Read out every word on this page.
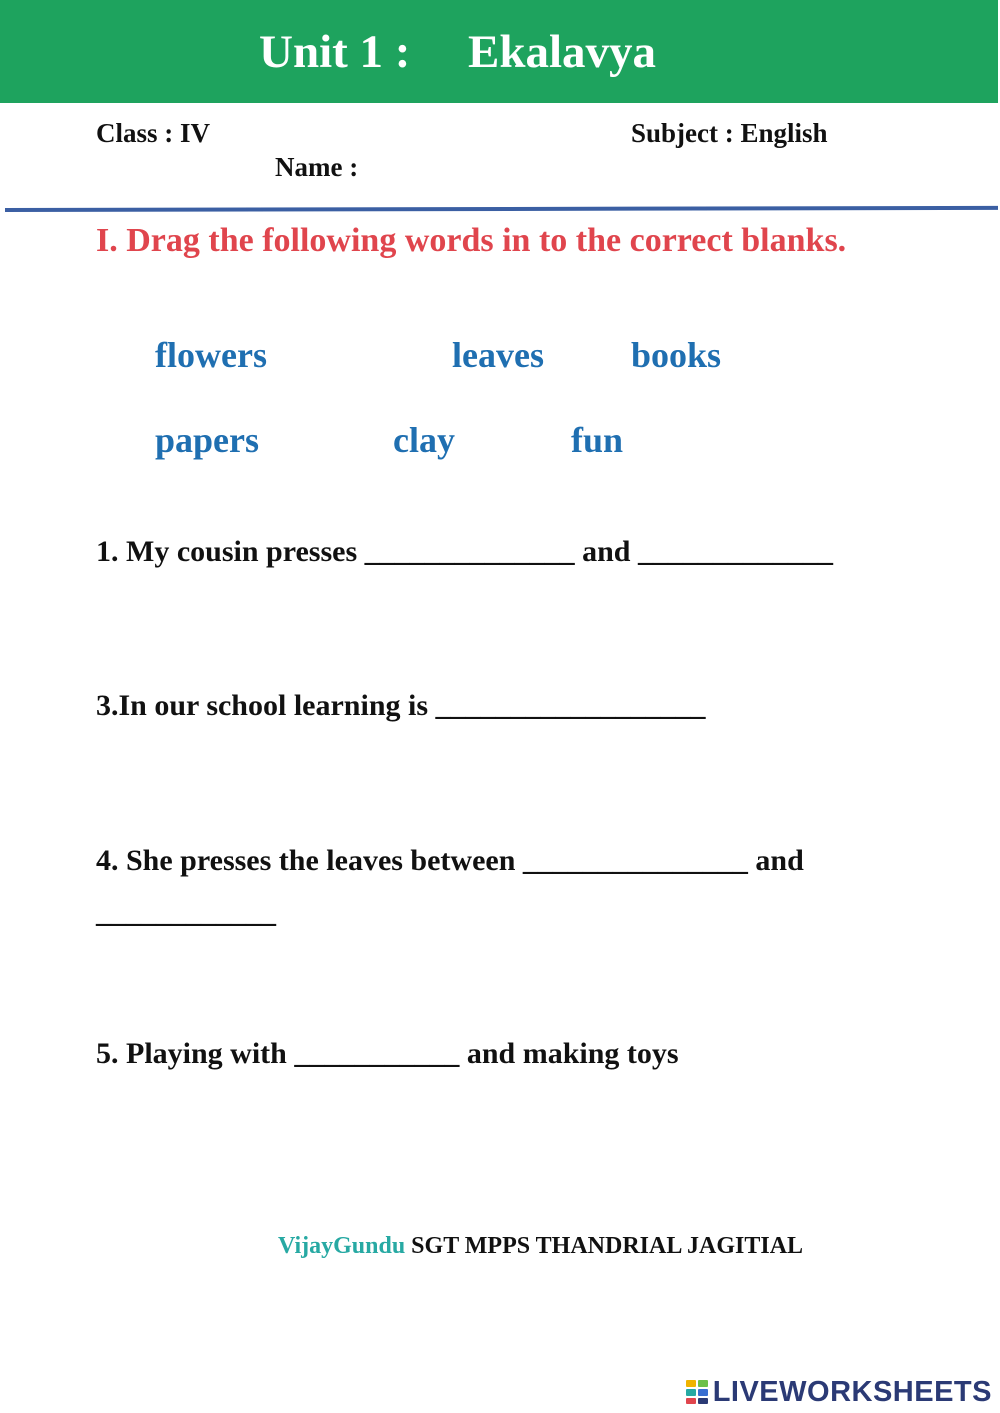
Unit 1 : Ekalavya
Class : IV	Subject : English
Name :
I. Drag the following words in to the correct blanks.
flowers	leaves books
papers	clay	fun
1. My cousin presses ______________ and _____________
3.In our school learning is __________________
4. She presses the leaves between _______________ and ____________
5. Playing with ___________ and making toys
VijayGundu SGT MPPS THANDRIAL JAGITIAL
LIVEWORKSHEETS
